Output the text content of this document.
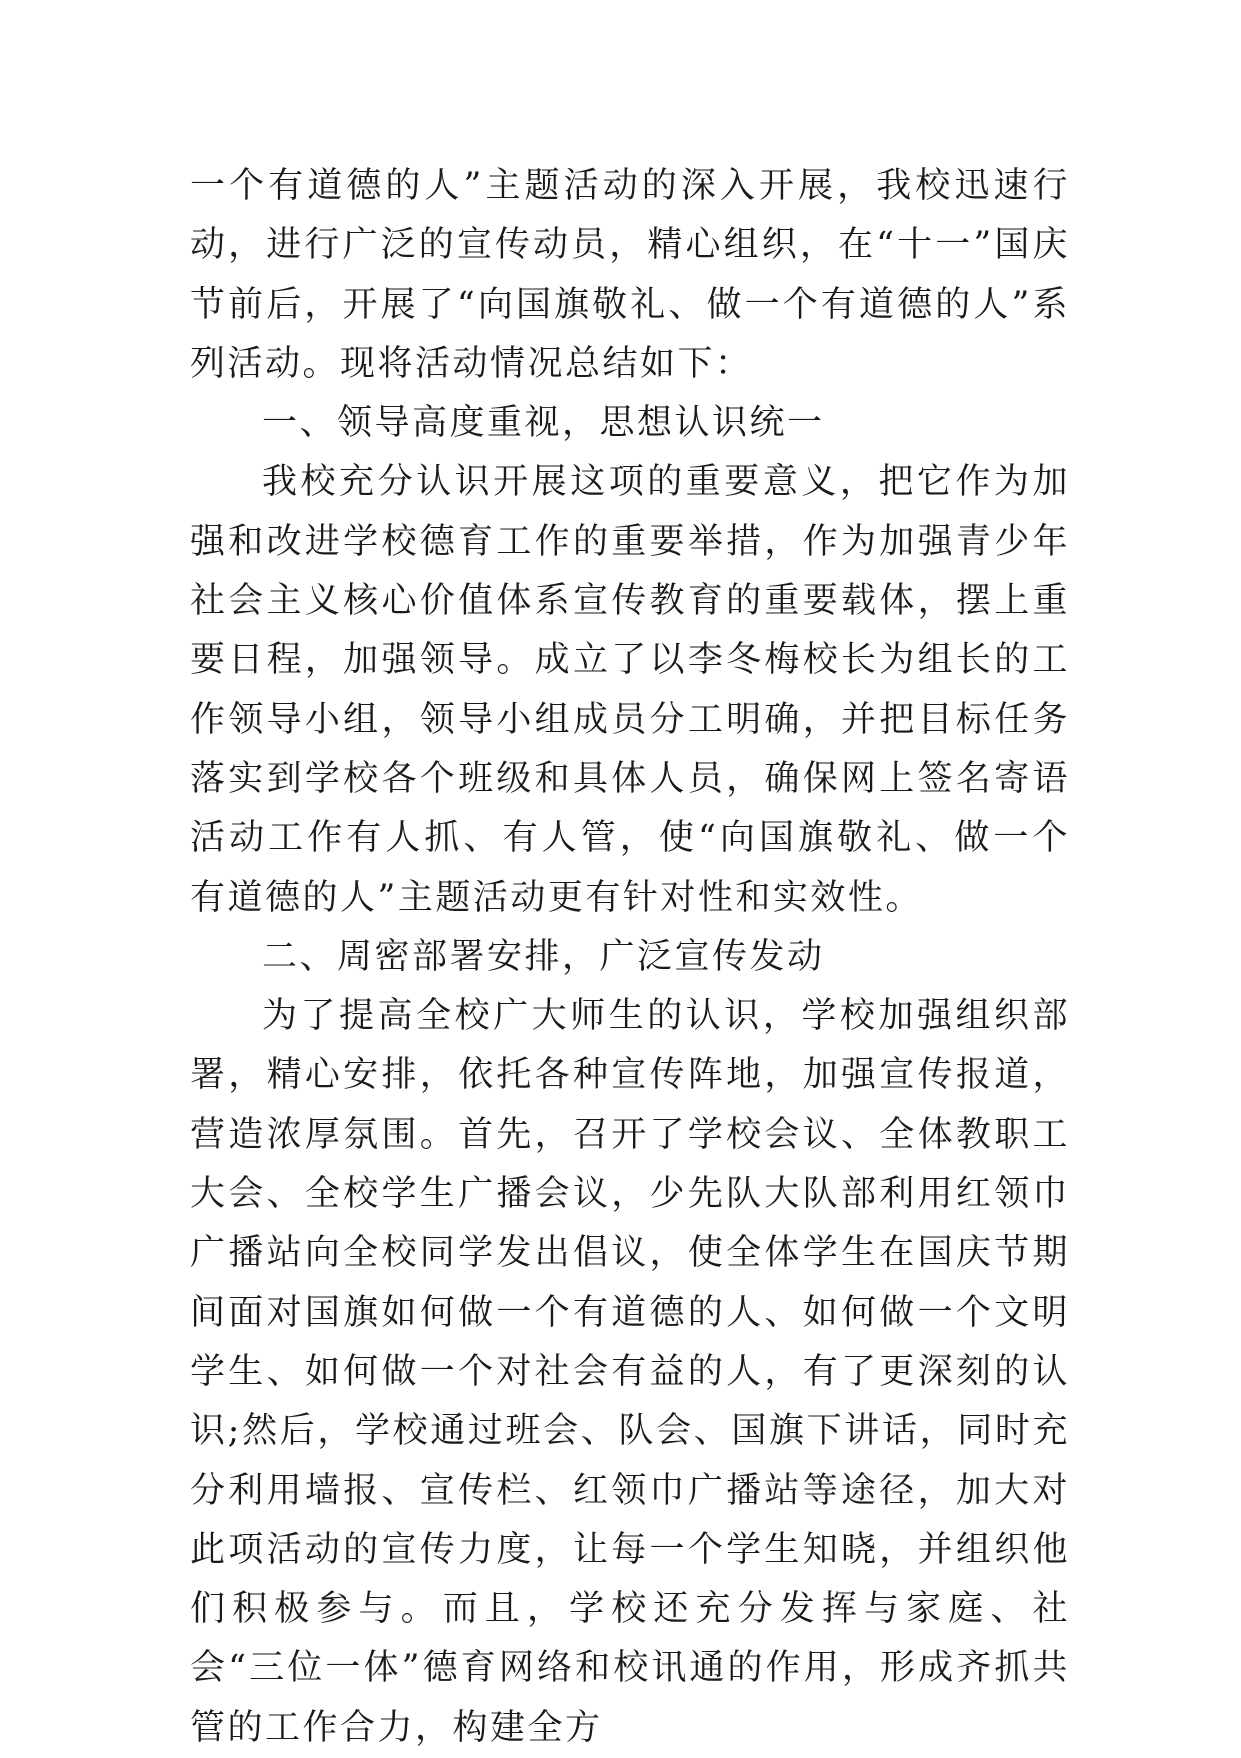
一个有道德的人”主题活动的深入开展，我校迅速行动，进行广泛的宣传动员，精心组织，在“十一”国庆节前后，开展了“向国旗敬礼、做一个有道德的人”系列活动。现将活动情况总结如下：

一、领导高度重视，思想认识统一

我校充分认识开展这项的重要意义，把它作为加强和改进学校德育工作的重要举措，作为加强青少年社会主义核心价值体系宣传教育的重要载体，摆上重要日程，加强领导。成立了以李冬梅校长为组长的工作领导小组，领导小组成员分工明确，并把目标任务落实到学校各个班级和具体人员，确保网上签名寄语活动工作有人抓、有人管，使“向国旗敬礼、做一个有道德的人”主题活动更有针对性和实效性。

二、周密部署安排，广泛宣传发动

为了提高全校广大师生的认识，学校加强组织部署，精心安排，依托各种宣传阵地，加强宣传报道，营造浓厚氛围。首先，召开了学校会议、全体教职工大会、全校学生广播会议，少先队大队部利用红领巾广播站向全校同学发出倡议，使全体学生在国庆节期间面对国旗如何做一个有道德的人、如何做一个文明学生、如何做一个对社会有益的人，有了更深刻的认识;然后，学校通过班会、队会、国旗下讲话，同时充分利用墙报、宣传栏、红领巾广播站等途径，加大对此项活动的宣传力度，让每一个学生知晓，并组织他们积极参与。而且，学校还充分发挥与家庭、社会“三位一体”德育网络和校讯通的作用，形成齐抓共管的工作合力，构建全方
